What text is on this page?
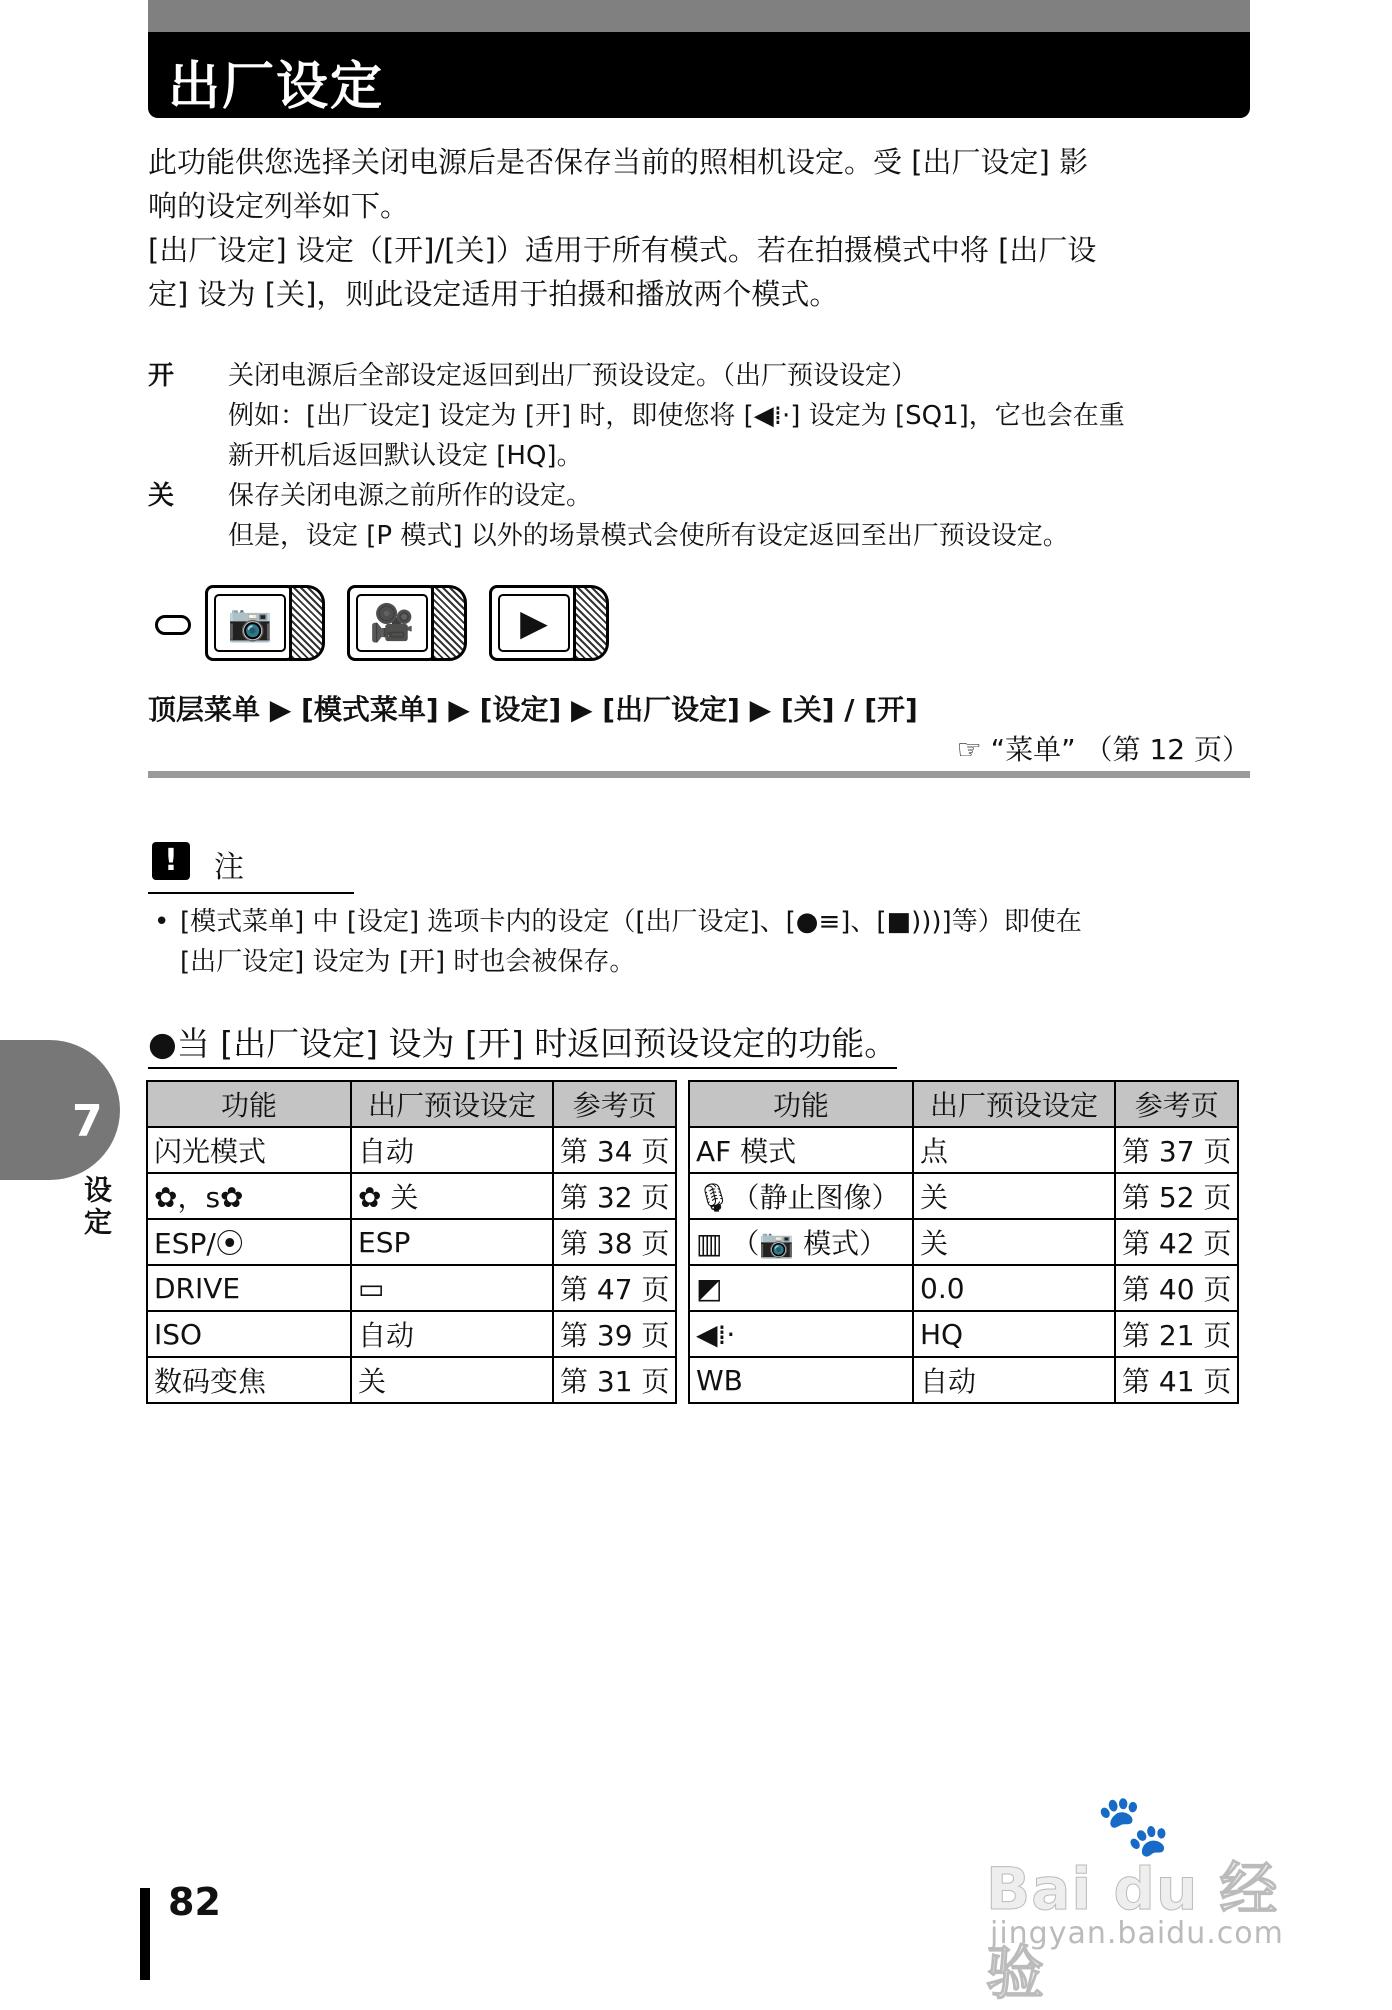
出厂设定

此功能供您选择关闭电源后是否保存当前的照相机设定。受 [出厂设定] 影

响的设定列举如下。

[出厂设定] 设定（[开]/[关]）适用于所有模式。若在拍摄模式中将 [出厂设

定] 设为 [关]，则此设定适用于拍摄和播放两个模式。

开	关闭电源后全部设定返回到出厂预设设定。（出厂预设设定）
例如：[出厂设定] 设定为 [开] 时，即使您将 [◀⁞·] 设定为 [SQ1]，它也会在重
新开机后返回默认设定 [HQ]。
关	保存关闭电源之前所作的设定。
但是，设定 [P 模式] 以外的场景模式会使所有设定返回至出厂预设设定。
📷	🎥	▶
顶层菜单 ▶ [模式菜单] ▶ [设定] ▶ [出厂设定] ▶ [关] / [开]
☞ “菜单” （第 12 页）
!	注
• [模式菜单] 中 [设定] 选项卡内的设定（[出厂设定]、[●≡]、[■)))]等）即使在
[出厂设定] 设定为 [开] 时也会被保存。
●当 [出厂设定] 设为 [开] 时返回预设设定的功能。
功能	出厂预设设定	参考页
闪光模式	自动	第 34 页
✿，s✿	✿ 关	第 32 页
ESP/⦿	ESP	第 38 页
DRIVE	▭	第 47 页
ISO	自动	第 39 页
数码变焦	关	第 31 页
功能	出厂预设设定	参考页
AF 模式	点	第 37 页
🎙（静止图像）	关	第 52 页
▥ （📷 模式）	关	第 42 页
◩	0.0	第 40 页
◀⁞·	HQ	第 21 页
WB	自动	第 41 页
7
设定
82
🐾
Bai du 经验
jingyan.baidu.com
